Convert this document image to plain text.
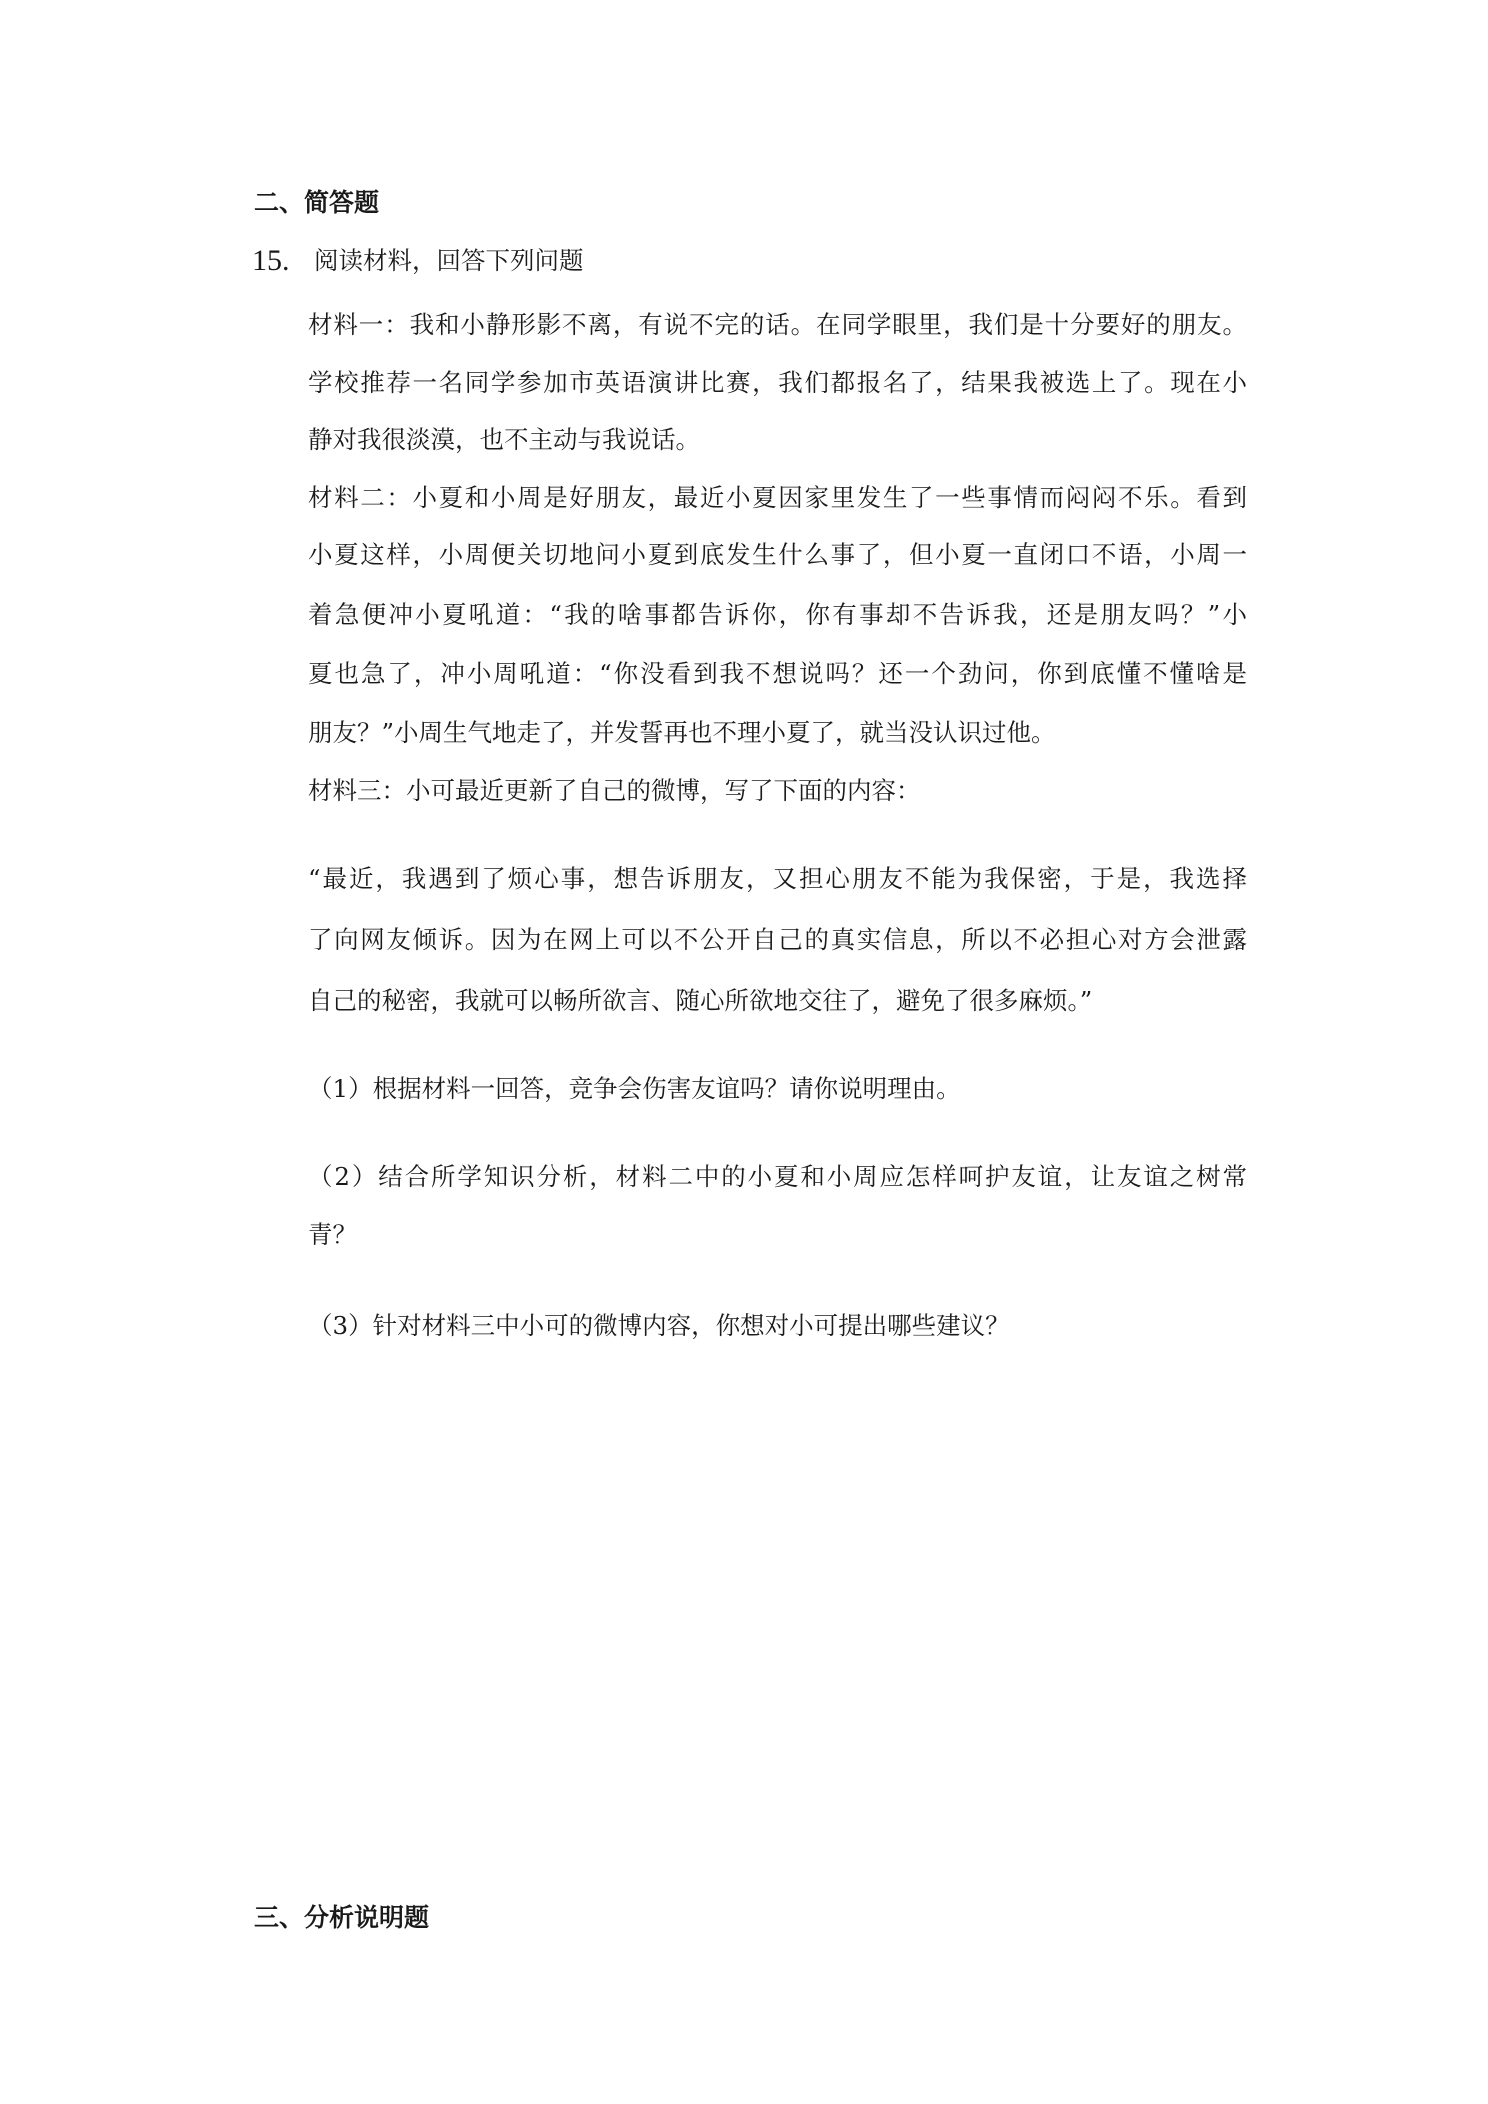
二、简答题
15. 阅读材料，回答下列问题
材料一：我和小静形影不离，有说不完的话。在同学眼里，我们是十分要好的朋友。
学校推荐一名同学参加市英语演讲比赛，我们都报名了，结果我被选上了。现在小
静对我很淡漠，也不主动与我说话。
材料二：小夏和小周是好朋友，最近小夏因家里发生了一些事情而闷闷不乐。看到
小夏这样，小周便关切地问小夏到底发生什么事了，但小夏一直闭口不语，小周一
着急便冲小夏吼道：“我的啥事都告诉你，你有事却不告诉我，还是朋友吗？”小
夏也急了，冲小周吼道：“你没看到我不想说吗？还一个劲问，你到底懂不懂啥是
朋友？”小周生气地走了，并发誓再也不理小夏了，就当没认识过他。
材料三：小可最近更新了自己的微博，写了下面的内容：
“最近，我遇到了烦心事，想告诉朋友，又担心朋友不能为我保密，于是，我选择
了向网友倾诉。因为在网上可以不公开自己的真实信息，所以不必担心对方会泄露
自己的秘密，我就可以畅所欲言、随心所欲地交往了，避免了很多麻烦。”
（1）根据材料一回答，竞争会伤害友谊吗？请你说明理由。
（2）结合所学知识分析，材料二中的小夏和小周应怎样呵护友谊，让友谊之树常
青？
（3）针对材料三中小可的微博内容，你想对小可提出哪些建议？
三、分析说明题
